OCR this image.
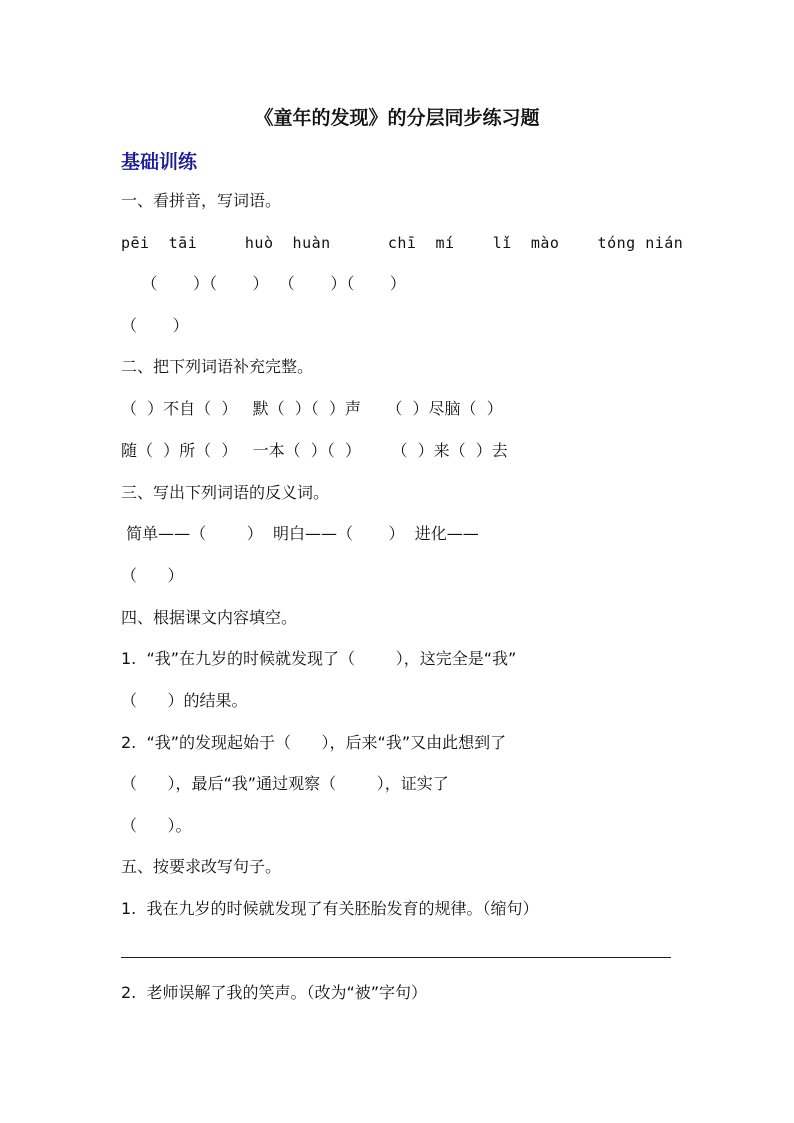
《童年的发现》的分层同步练习题
基础训练
一、看拼音，写词语。
pēi  tāi     huò  huàn      chī  mí    lǐ  mào    tóng nián
（       ）（       ）  （       ）（       ）
（       ）
二、把下列词语补充完整。
（  ）不自（  ）   默（  ）（  ）声     （  ）尽脑（  ）
随（  ）所（  ）   一本（  ）（  ）      （  ）来（  ）去
三、写出下列词语的反义词。
简单——（        ）  明白——（       ）  进化——
（      ）
四、根据课文内容填空。
1.  “我”在九岁的时候就发现了（        ），这完全是“我”
（      ）的结果。
2.  “我”的发现起始于（      ），后来“我”又由此想到了
（      ），最后“我”通过观察（        ），证实了
（      ）。
五、按要求改写句子。
1.  我在九岁的时候就发现了有关胚胎发育的规律。（缩句）
2.  老师误解了我的笑声。（改为“被”字句）
